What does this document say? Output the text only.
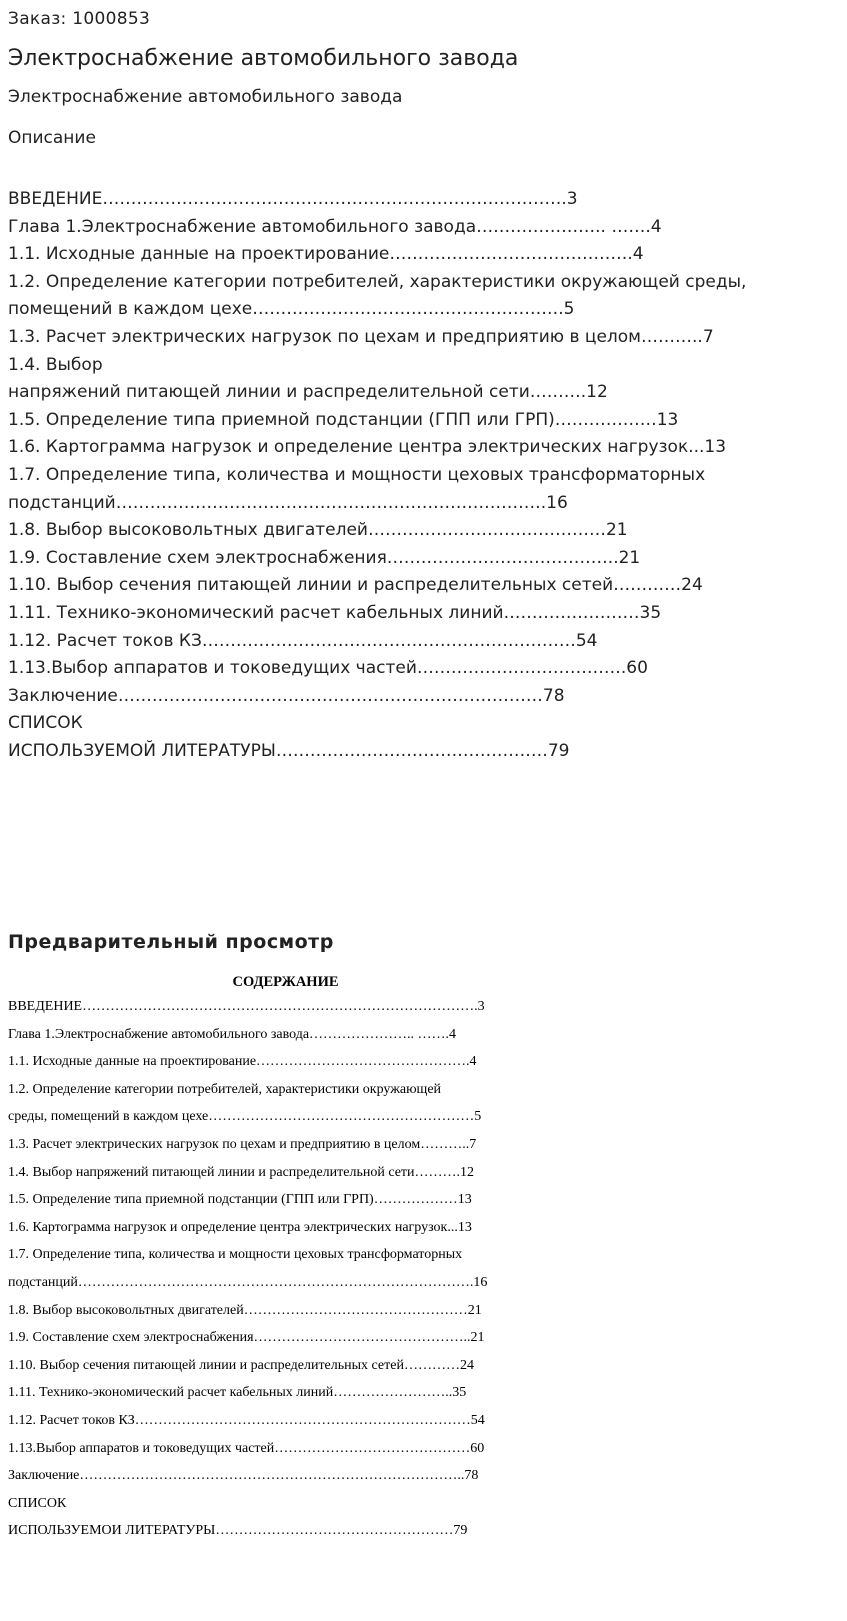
Заказ: 1000853
Электроснабжение автомобильного завода
Электроснабжение автомобильного завода
Описание
ВВЕДЕНИЕ……………………………………………………………………….3
Глава 1.Электроснабжение автомобильного завода………………….. …….4
1.1. Исходные данные на проектирование…………………………………….4
1.2. Определение категории потребителей, характеристики окружающей среды,
помещений в каждом цехе……………………………………………….5
1.3. Расчет электрических нагрузок по цехам и предприятию в целом………..7
1.4. Выбор
напряжений питающей линии и распределительной сети……….12
1.5. Определение типа приемной подстанции (ГПП или ГРП)………………13
1.6. Картограмма нагрузок и определение центра электрических нагрузок...13
1.7. Определение типа, количества и мощности цеховых трансформаторных
подстанций………………………………………………………………….16
1.8. Выбор высоковольтных двигателей……………………………………21
1.9. Составление схем электроснабжения…………………………………..21
1.10. Выбор сечения питающей линии и распределительных сетей…………24
1.11. Технико-экономический расчет кабельных линий……………………35
1.12. Расчет токов КЗ…………………………………………………………54
1.13.Выбор аппаратов и токоведущих частей……………………………….60
Заключение…………………………………………………………………78
СПИСОК
ИСПОЛЬЗУЕМОЙ ЛИТЕРАТУРЫ…………………………………………79
Предварительный просмотр
СОДЕРЖАНИЕ
ВВЕДЕНИЕ………………………………………………………………………….3
Глава 1.Электроснабжение автомобильного завода………………….. …….4
1.1. Исходные данные на проектирование……………………………………….4
1.2. Определение категории потребителей, характеристики окружающей
среды, помещений в каждом цехе…………………………………………………5
1.3. Расчет электрических нагрузок по цехам и предприятию в целом………..7
1.4. Выбор напряжений питающей линии и распределительной сети……….12
1.5. Определение типа приемной подстанции (ГПП или ГРП)………………13
1.6. Картограмма нагрузок и определение центра электрических нагрузок...13
1.7. Определение типа, количества и мощности цеховых трансформаторных
подстанций………………………………………………………………………….16
1.8. Выбор высоковольтных двигателей…………………………………………21
1.9. Составление схем электроснабжения………………………………………..21
1.10. Выбор сечения питающей линии и распределительных сетей…………24
1.11. Технико-экономический расчет кабельных линий……………………..35
1.12. Расчет токов КЗ………………………………………………………………54
1.13.Выбор аппаратов и токоведущих частей……………………………………60
Заключение………………………………………………………………………..78
СПИСОК
ИСПОЛЬЗУЕМОЙ ЛИТЕРАТУРЫ……………………………………………79
